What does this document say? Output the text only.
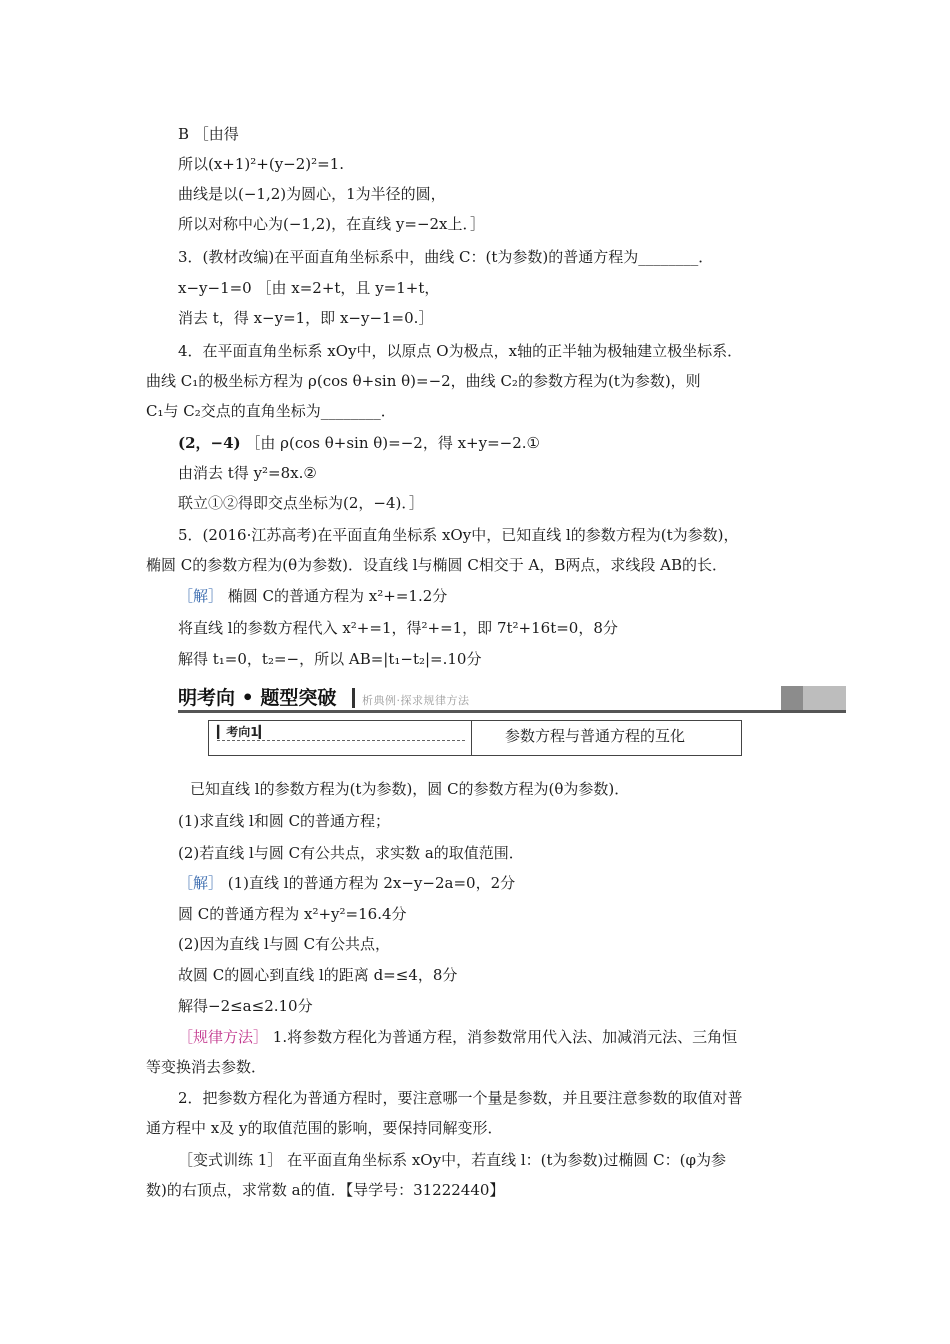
B ［由得
所以(x+1)²+(y−2)²=1.
曲线是以(−1,2)为圆心，1为半径的圆，
所以对称中心为(−1,2)，在直线 y=−2x上．］
3．(教材改编)在平面直角坐标系中，曲线 C：(t为参数)的普通方程为________．
x−y−1=0 ［由 x=2+t，且 y=1+t，
消去 t，得 x−y=1，即 x−y−1=0.］
4．在平面直角坐标系 xOy中，以原点 O为极点，x轴的正半轴为极轴建立极坐标系．
曲线 C₁的极坐标方程为 ρ(cos θ+sin θ)=−2，曲线 C₂的参数方程为(t为参数)，则
C₁与 C₂交点的直角坐标为________．
(2，−4) ［由 ρ(cos θ+sin θ)=−2，得 x+y=−2.①
由消去 t得 y²=8x.②
联立①②得即交点坐标为(2，−4)．］
5．(2016·江苏高考)在平面直角坐标系 xOy中，已知直线 l的参数方程为(t为参数)，
椭圆 C的参数方程为(θ为参数)．设直线 l与椭圆 C相交于 A，B两点，求线段 AB的长．
［解］ 椭圆 C的普通方程为 x²+=1.2分
将直线 l的参数方程代入 x²+=1，得²+=1，即 7t²+16t=0，8分
解得 t₁=0，t₂=−，所以 AB=|t₁−t₂|=.10分
明考向 • 题型突破 析典例·探求规律方法
▎考向1▎	参数方程与普通方程的互化
已知直线 l的参数方程为(t为参数)，圆 C的参数方程为(θ为参数)．
(1)求直线 l和圆 C的普通方程；
(2)若直线 l与圆 C有公共点，求实数 a的取值范围．
［解］ (1)直线 l的普通方程为 2x−y−2a=0，2分
圆 C的普通方程为 x²+y²=16.4分
(2)因为直线 l与圆 C有公共点，
故圆 C的圆心到直线 l的距离 d=≤4，8分
解得−2≤a≤2.10分
［规律方法］ 1.将参数方程化为普通方程，消参数常用代入法、加减消元法、三角恒
等变换消去参数．
2．把参数方程化为普通方程时，要注意哪一个量是参数，并且要注意参数的取值对普
通方程中 x及 y的取值范围的影响，要保持同解变形．
［变式训练 1］ 在平面直角坐标系 xOy中，若直线 l：(t为参数)过椭圆 C：(φ为参
数)的右顶点，求常数 a的值．【导学号：31222440】
